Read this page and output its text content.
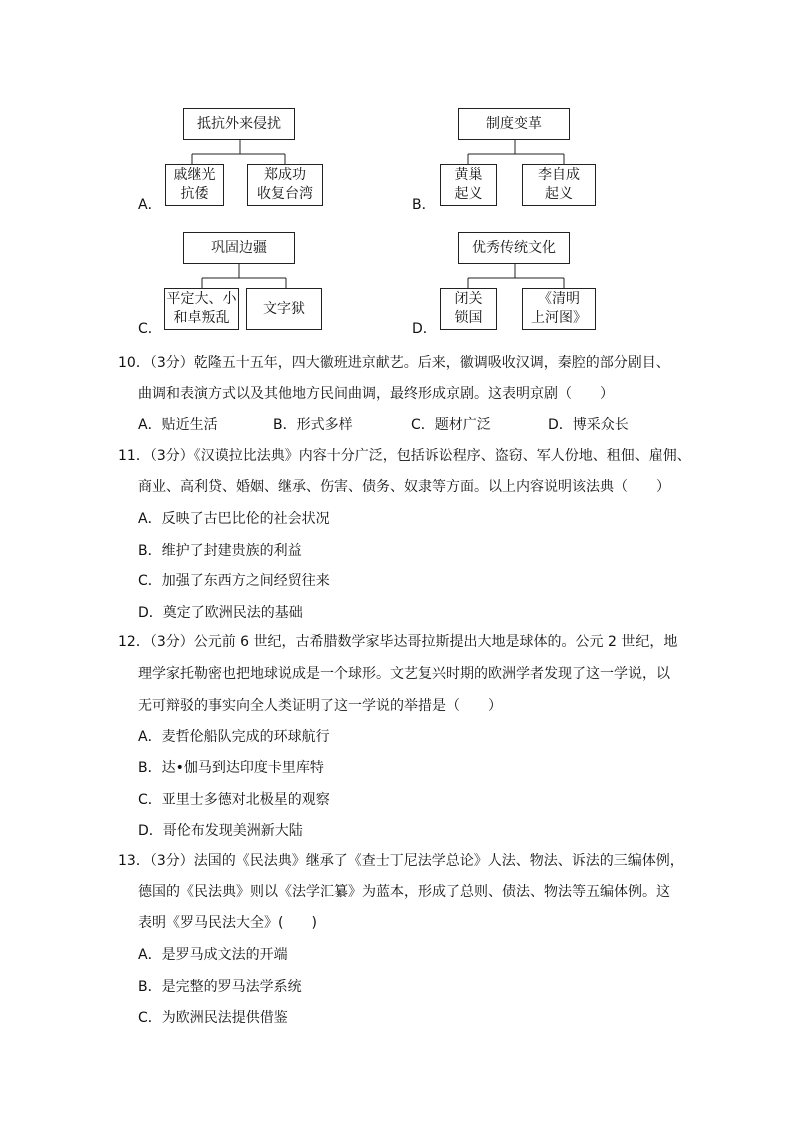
抵抗外来侵扰
戚继光
抗倭
郑成功
收复台湾
A．
制度变革
黄巢
起义
李自成
起义
B．
巩固边疆
平定大、小
和卓叛乱
文字狱
C．
优秀传统文化
闭关
锁国
《清明
上河图》
D．
10．（3分）乾隆五十五年，四大徽班进京献艺。后来，徽调吸收汉调，秦腔的部分剧目、
曲调和表演方式以及其他地方民间曲调，最终形成京剧。这表明京剧（　　）
A．贴近生活	B．形式多样	C．题材广泛	D．博采众长
11．（3分）《汉谟拉比法典》内容十分广泛，包括诉讼程序、盗窃、军人份地、租佃、雇佣、
商业、高利贷、婚姻、继承、伤害、债务、奴隶等方面。以上内容说明该法典（　　）
A．反映了古巴比伦的社会状况
B．维护了封建贵族的利益
C．加强了东西方之间经贸往来
D．奠定了欧洲民法的基础
12．（3分）公元前 6 世纪，古希腊数学家毕达哥拉斯提出大地是球体的。公元 2 世纪，地
理学家托勒密也把地球说成是一个球形。文艺复兴时期的欧洲学者发现了这一学说，以
无可辩驳的事实向全人类证明了这一学说的举措是（　　）
A．麦哲伦船队完成的环球航行
B．达•伽马到达印度卡里库特
C．亚里士多德对北极星的观察
D．哥伦布发现美洲新大陆
13．（3分）法国的《民法典》继承了《查士丁尼法学总论》人法、物法、诉法的三编体例，
德国的《民法典》则以《法学汇纂》为蓝本，形成了总则、债法、物法等五编体例。这
表明《罗马民法大全》(　　)
A．是罗马成文法的开端
B．是完整的罗马法学系统
C．为欧洲民法提供借鉴
